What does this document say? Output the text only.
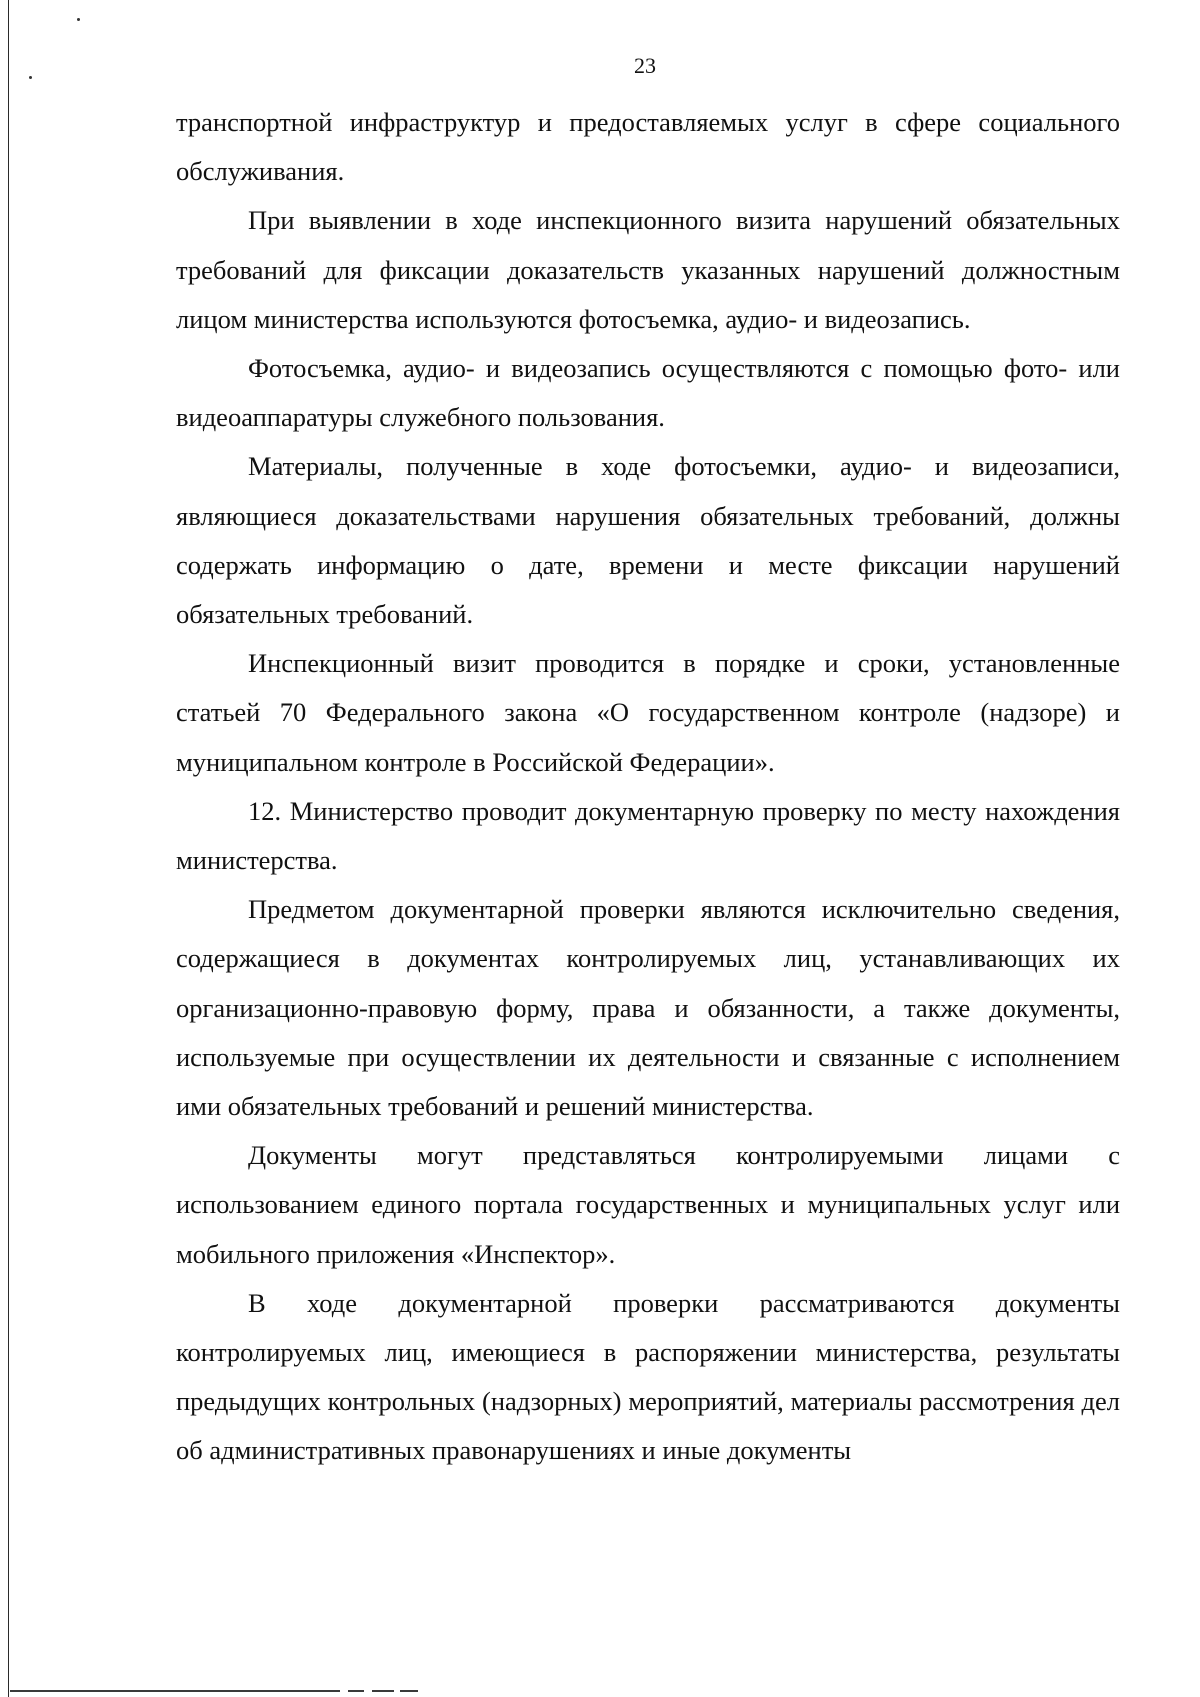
23

транспортной инфраструктур и предоставляемых услуг в сфере социального обслуживания.

При выявлении в ходе инспекционного визита нарушений обязательных требований для фиксации доказательств указанных нарушений должностным лицом министерства используются фотосъемка, аудио- и видеозапись.

Фотосъемка, аудио- и видеозапись осуществляются с помощью фото- или видеоаппаратуры служебного пользования.

Материалы, полученные в ходе фотосъемки, аудио- и видеозаписи, являющиеся доказательствами нарушения обязательных требований, должны содержать информацию о дате, времени и месте фиксации нарушений обязательных требований.

Инспекционный визит проводится в порядке и сроки, установленные статьей 70 Федерального закона «О государственном контроле (надзоре) и муниципальном контроле в Российской Федерации».

12. Министерство проводит документарную проверку по месту нахождения министерства.

Предметом документарной проверки являются исключительно сведения, содержащиеся в документах контролируемых лиц, устанавливающих их организационно-правовую форму, права и обязанности, а также документы, используемые при осуществлении их деятельности и связанные с исполнением ими обязательных требований и решений министерства.

Документы могут представляться контролируемыми лицами с использованием единого портала государственных и муниципальных услуг или мобильного приложения «Инспектор».

В ходе документарной проверки рассматриваются документы контролируемых лиц, имеющиеся в распоряжении министерства, результаты предыдущих контрольных (надзорных) мероприятий, материалы рассмотрения дел об административных правонарушениях и иные документы
